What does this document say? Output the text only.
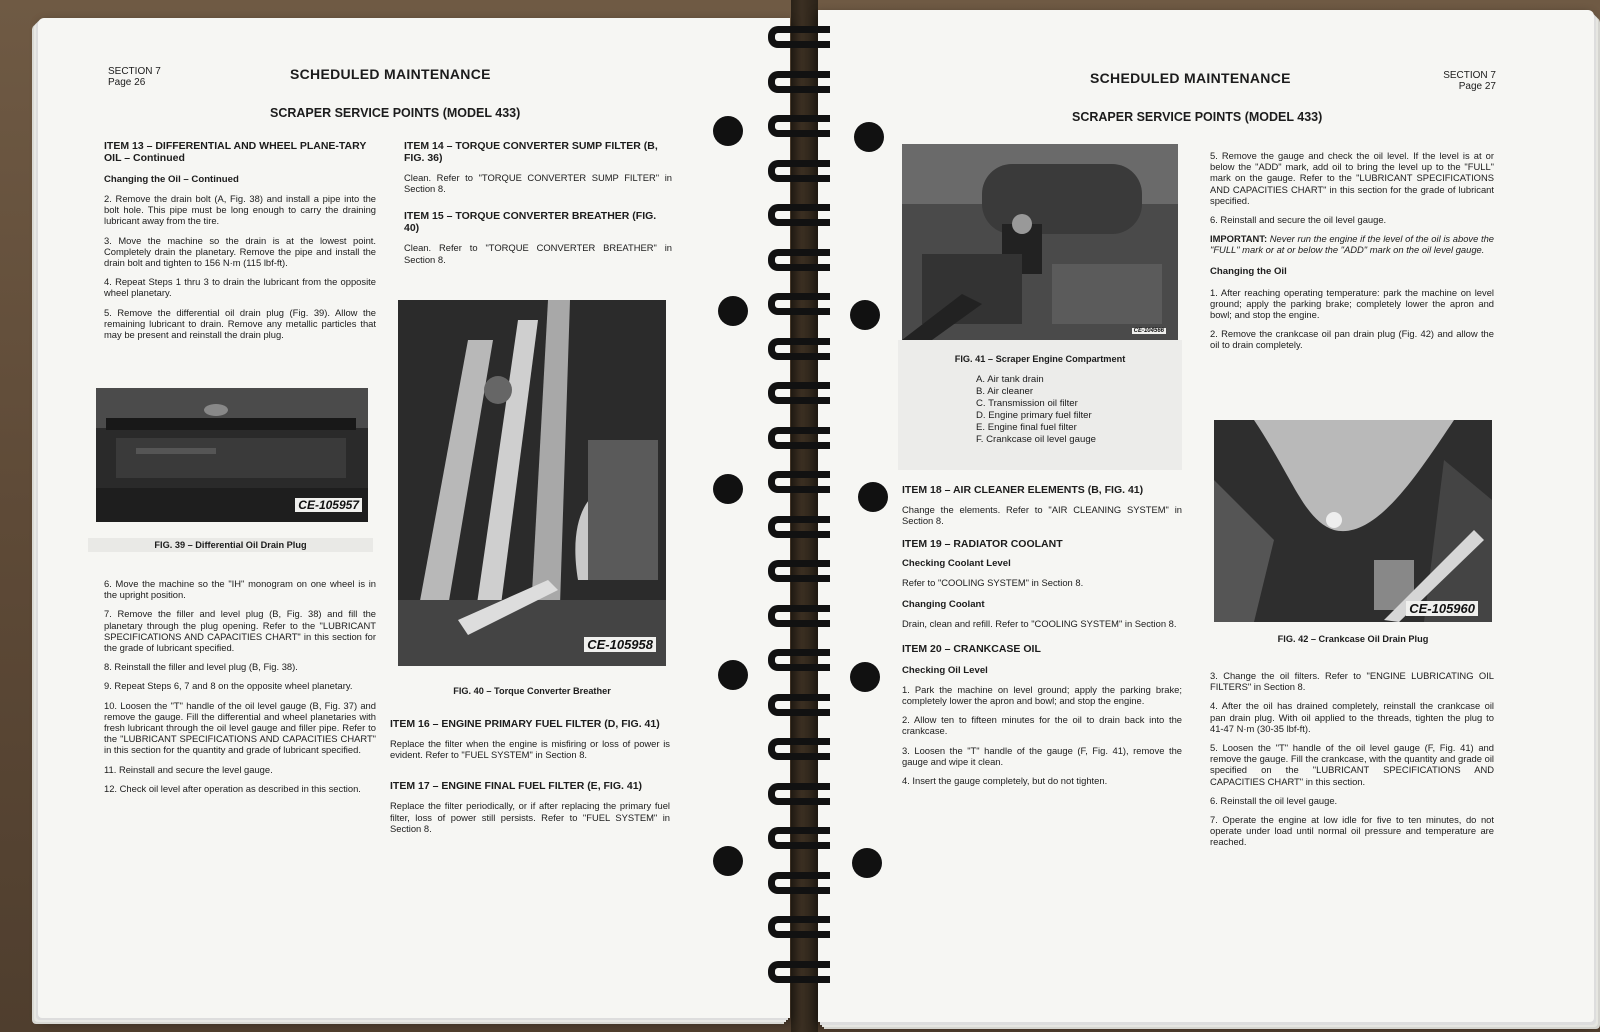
SECTION 7
Page 26
SCHEDULED MAINTENANCE
SCRAPER SERVICE POINTS (MODEL 433)
ITEM 13 – DIFFERENTIAL AND WHEEL PLANE-TARY OIL – Continued
Changing the Oil – Continued
2. Remove the drain bolt (A, Fig. 38) and install a pipe into the bolt hole. This pipe must be long enough to carry the draining lubricant away from the tire.
3. Move the machine so the drain is at the lowest point. Completely drain the planetary. Remove the pipe and install the drain bolt and tighten to 156 N·m (115 lbf-ft).
4. Repeat Steps 1 thru 3 to drain the lubricant from the opposite wheel planetary.
5. Remove the differential oil drain plug (Fig. 39). Allow the remaining lubricant to drain. Remove any metallic particles that may be present and reinstall the drain plug.
CE-105957
FIG. 39 – Differential Oil Drain Plug
6. Move the machine so the "IH" monogram on one wheel is in the upright position.
7. Remove the filler and level plug (B, Fig. 38) and fill the planetary through the plug opening. Refer to the "LUBRICANT SPECIFICATIONS AND CAPACITIES CHART" in this section for the grade of lubricant specified.
8. Reinstall the filler and level plug (B, Fig. 38).
9. Repeat Steps 6, 7 and 8 on the opposite wheel planetary.
10. Loosen the "T" handle of the oil level gauge (B, Fig. 37) and remove the gauge. Fill the differential and wheel planetaries with fresh lubricant through the oil level gauge and filler pipe. Refer to the "LUBRICANT SPECIFICATIONS AND CAPACITIES CHART" in this section for the quantity and grade of lubricant specified.
11. Reinstall and secure the level gauge.
12. Check oil level after operation as described in this section.
ITEM 14 – TORQUE CONVERTER SUMP FILTER (B, FIG. 36)
Clean. Refer to "TORQUE CONVERTER SUMP FILTER" in Section 8.
ITEM 15 – TORQUE CONVERTER BREATHER (FIG. 40)
Clean. Refer to "TORQUE CONVERTER BREATHER" in Section 8.
CE-105958
FIG. 40 – Torque Converter Breather
ITEM 16 – ENGINE PRIMARY FUEL FILTER (D, FIG. 41)
Replace the filter when the engine is misfiring or loss of power is evident. Refer to "FUEL SYSTEM" in Section 8.
ITEM 17 – ENGINE FINAL FUEL FILTER (E, FIG. 41)
Replace the filter periodically, or if after replacing the primary fuel filter, loss of power still persists. Refer to "FUEL SYSTEM" in Section 8.
SCHEDULED MAINTENANCE	SECTION 7
Page 27
SCRAPER SERVICE POINTS (MODEL 433)
CE-104566
FIG. 41 – Scraper Engine Compartment
A. Air tank drain
B. Air cleaner
C. Transmission oil filter
D. Engine primary fuel filter
E. Engine final fuel filter
F. Crankcase oil level gauge
ITEM 18 – AIR CLEANER ELEMENTS (B, FIG. 41)
Change the elements. Refer to "AIR CLEANING SYSTEM" in Section 8.
ITEM 19 – RADIATOR COOLANT
Checking Coolant Level
Refer to "COOLING SYSTEM" in Section 8.
Changing Coolant
Drain, clean and refill. Refer to "COOLING SYSTEM" in Section 8.
ITEM 20 – CRANKCASE OIL
Checking Oil Level
1. Park the machine on level ground; apply the parking brake; completely lower the apron and bowl; and stop the engine.
2. Allow ten to fifteen minutes for the oil to drain back into the crankcase.
3. Loosen the "T" handle of the gauge (F, Fig. 41), remove the gauge and wipe it clean.
4. Insert the gauge completely, but do not tighten.
5. Remove the gauge and check the oil level. If the level is at or below the "ADD" mark, add oil to bring the level up to the "FULL" mark on the gauge. Refer to the "LUBRICANT SPECIFICATIONS AND CAPACITIES CHART" in this section for the grade of lubricant specified.
6. Reinstall and secure the oil level gauge.
IMPORTANT: Never run the engine if the level of the oil is above the "FULL" mark or at or below the "ADD" mark on the oil level gauge.
Changing the Oil
1. After reaching operating temperature: park the machine on level ground; apply the parking brake; completely lower the apron and bowl; and stop the engine.
2. Remove the crankcase oil pan drain plug (Fig. 42) and allow the oil to drain completely.
CE-105960
FIG. 42 – Crankcase Oil Drain Plug
3. Change the oil filters. Refer to "ENGINE LUBRICATING OIL FILTERS" in Section 8.
4. After the oil has drained completely, reinstall the crankcase oil pan drain plug. With oil applied to the threads, tighten the plug to 41-47 N·m (30-35 lbf-ft).
5. Loosen the "T" handle of the oil level gauge (F, Fig. 41) and remove the gauge. Fill the crankcase, with the quantity and grade oil specified on the "LUBRICANT SPECIFICATIONS AND CAPACITIES CHART" in this section.
6. Reinstall the oil level gauge.
7. Operate the engine at low idle for five to ten minutes, do not operate under load until normal oil pressure and temperature are reached.
